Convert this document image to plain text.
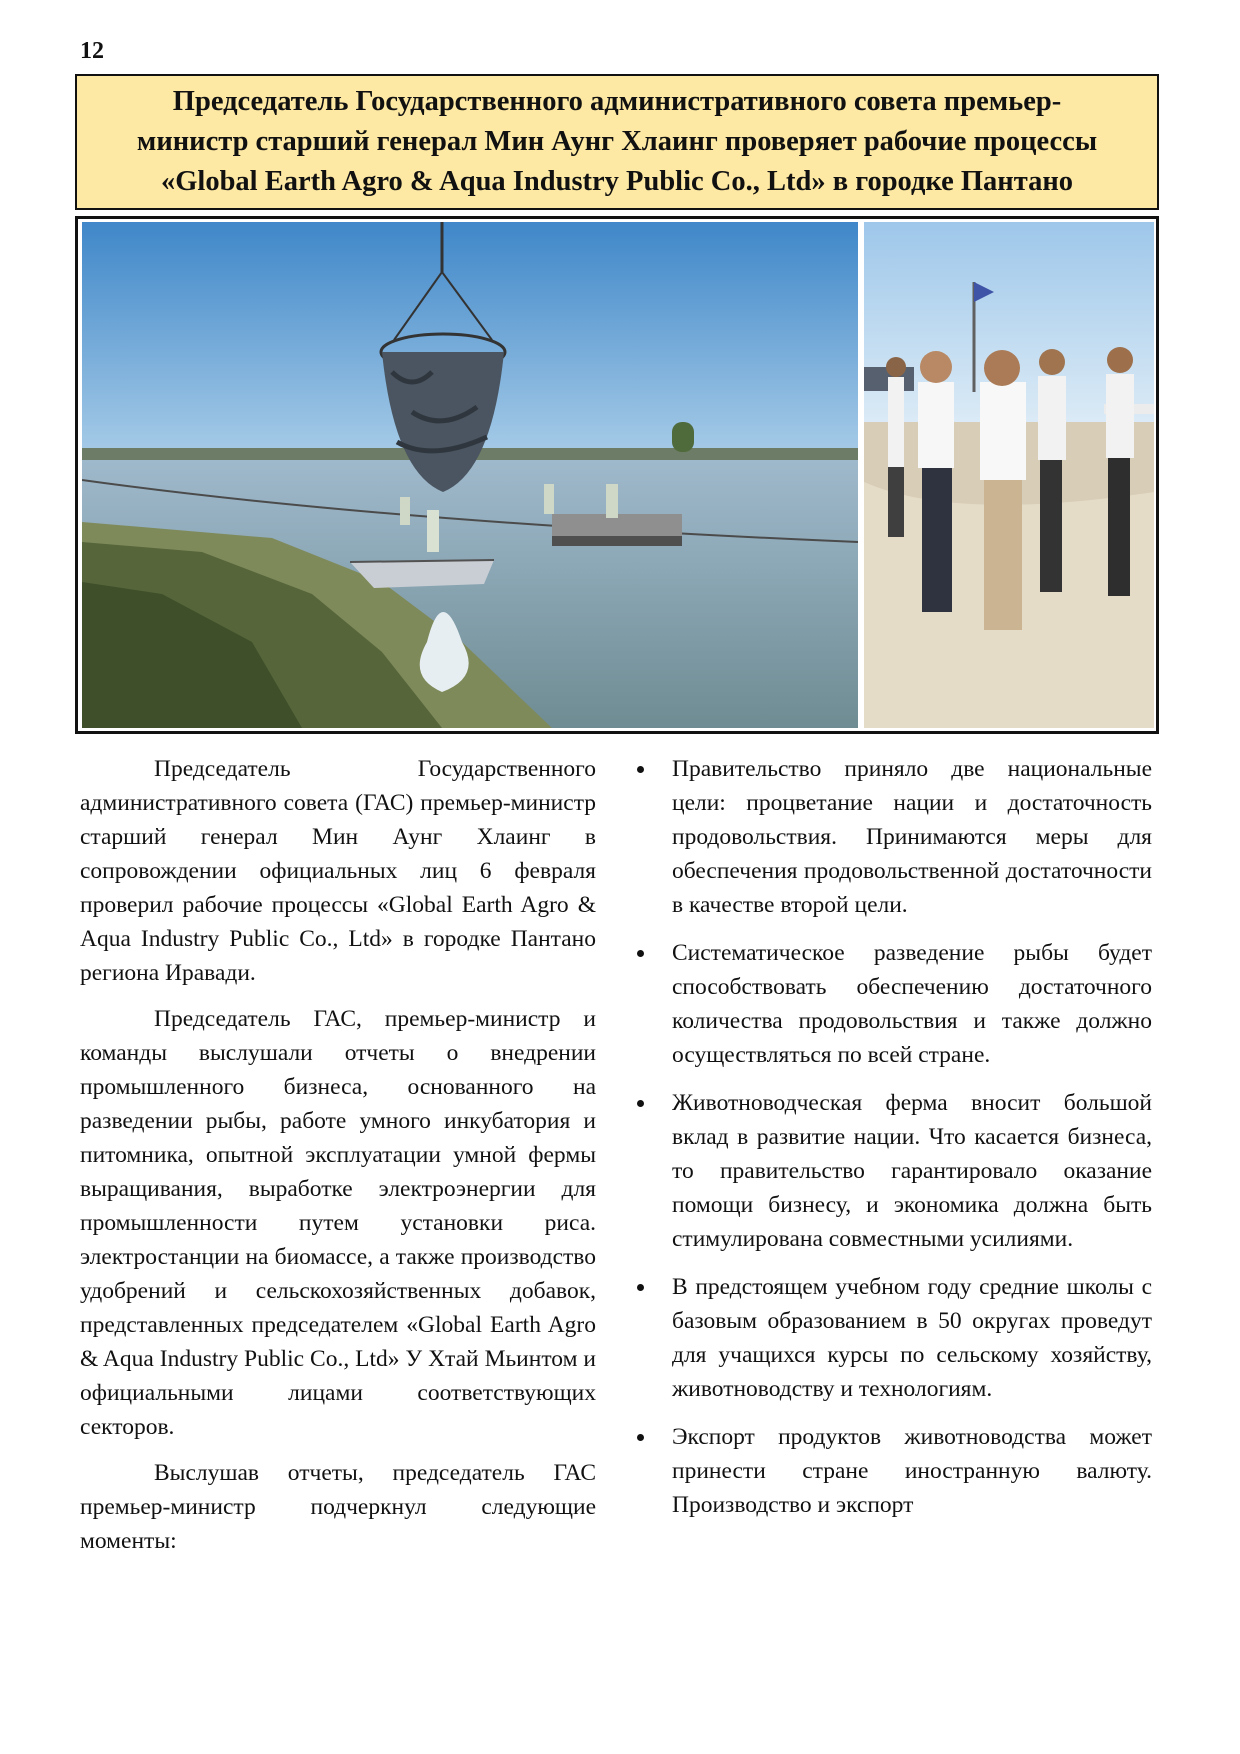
12
Председатель Государственного административного совета премьер-
министр старший генерал Мин Аунг Хлаинг проверяет рабочие процессы
«Global Earth Agro & Aqua Industry Public Co., Ltd» в городке Пантано

Председатель Государственного административного совета (ГАС) премьер-министр старший генерал Мин Аунг Хлаинг в сопровождении официальных лиц 6 февраля проверил рабочие процессы «Global Earth Agro & Aqua Industry Public Co., Ltd» в городке Пантано региона Иравади.

Председатель ГАС, премьер-министр и команды выслушали отчеты о внедрении промышленного бизнеса, основанного на разведении рыбы, работе умного инкубатория и питомника, опытной эксплуатации умной фермы выращивания, выработке электроэнергии для промышленности путем установки риса. электростанции на биомассе, а также производство удобрений и сельскохозяйственных добавок, представленных председателем «Global Earth Agro & Aqua Industry Public Co., Ltd» У Хтай Мьинтом и официальными лицами соответствующих секторов.

Выслушав отчеты, председатель ГАС премьер-министр подчеркнул следующие моменты:

Правительство приняло две национальные цели: процветание нации и достаточность продовольствия. Принимаются меры для обеспечения продовольственной достаточности в качестве второй цели.
Систематическое разведение рыбы будет способствовать обеспечению достаточного количества продовольствия и также должно осуществляться по всей стране.
Животноводческая ферма вносит большой вклад в развитие нации. Что касается бизнеса, то правительство гарантировало оказание помощи бизнесу, и экономика должна быть стимулирована совместными усилиями.
В предстоящем учебном году средние школы с базовым образованием в 50 округах проведут для учащихся курсы по сельскому хозяйству, животноводству и технологиям.
Экспорт продуктов животноводства может принести стране иностранную валюту. Производство и экспорт
